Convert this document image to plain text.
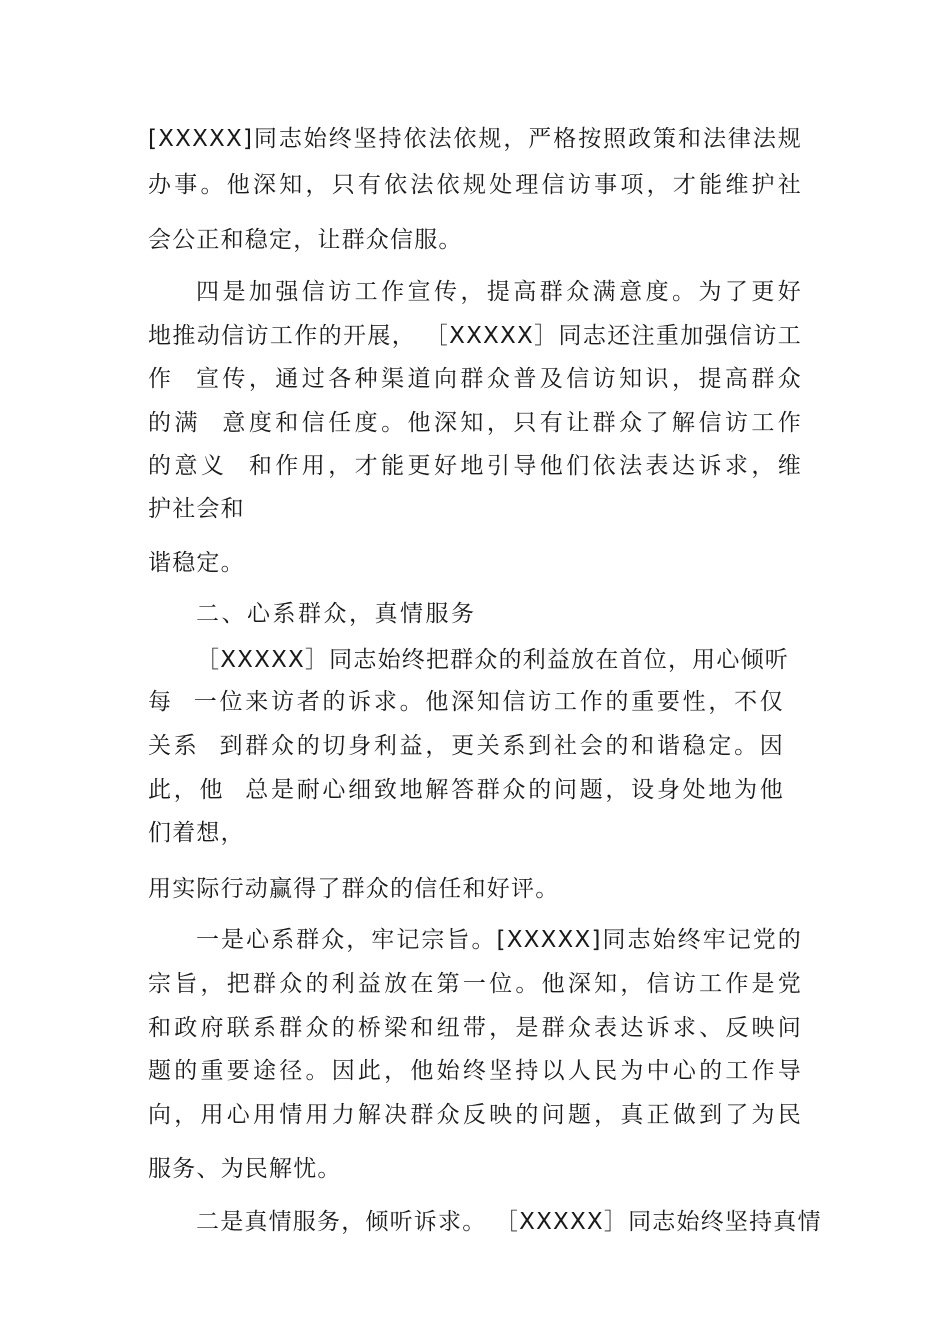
[XXXXX]同志始终坚持依法依规，严格按照政策和法律法规
办事。他深知，只有依法依规处理信访事项，才能维护社
会公正和稳定，让群众信服。
四是加强信访工作宣传，提高群众满意度。为了更好
地推动信访工作的开展， ［XXXXX］同志还注重加强信访工
作  宣传，通过各种渠道向群众普及信访知识，提高群众
的满  意度和信任度。他深知，只有让群众了解信访工作
的意义  和作用，才能更好地引导他们依法表达诉求，维
护社会和
谐稳定。
二、心系群众，真情服务
［XXXXX］同志始终把群众的利益放在首位，用心倾听
每  一位来访者的诉求。他深知信访工作的重要性，不仅
关系  到群众的切身利益，更关系到社会的和谐稳定。因
此，他  总是耐心细致地解答群众的问题，设身处地为他
们着想，
用实际行动赢得了群众的信任和好评。
一是心系群众，牢记宗旨。[XXXXX]同志始终牢记党的
宗旨，把群众的利益放在第一位。他深知，信访工作是党
和政府联系群众的桥梁和纽带，是群众表达诉求、反映问
题的重要途径。因此，他始终坚持以人民为中心的工作导
向，用心用情用力解决群众反映的问题，真正做到了为民
服务、为民解忧。
二是真情服务，倾听诉求。 ［XXXXX］同志始终坚持真情
